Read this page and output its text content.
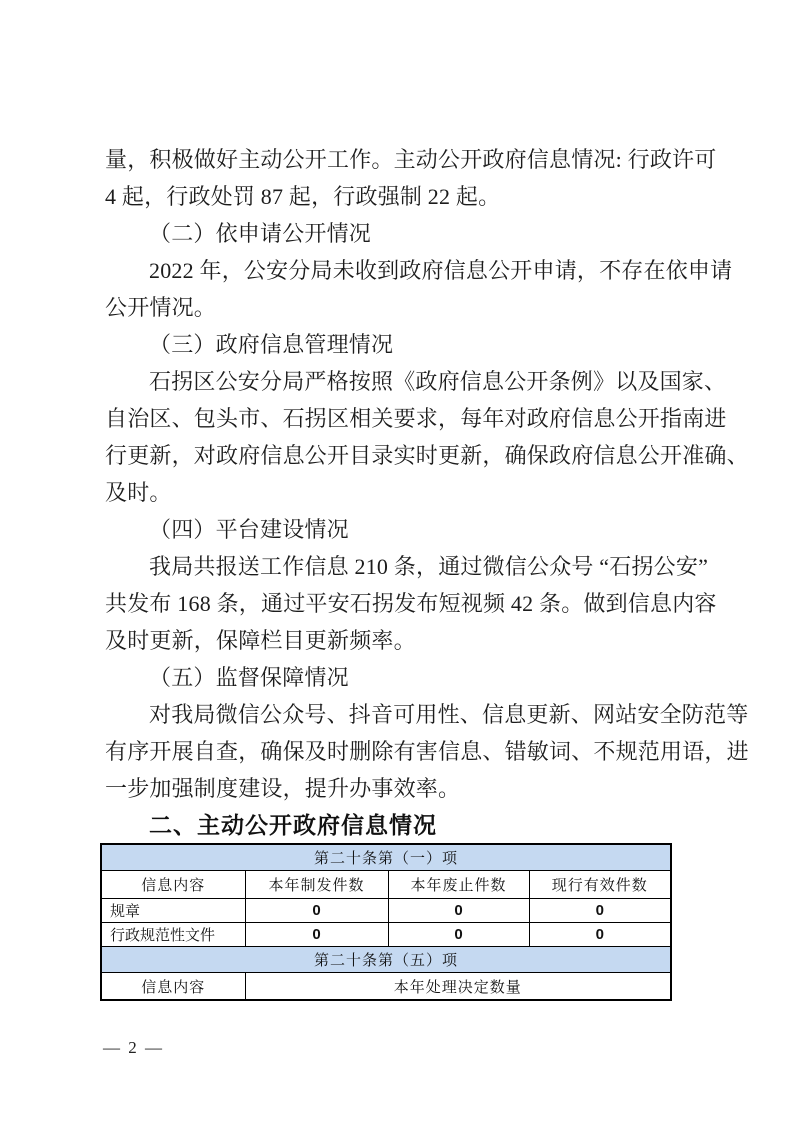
量，积极做好主动公开工作。主动公开政府信息情况: 行政许可
4 起，行政处罚 87 起，行政强制 22 起。
（二）依申请公开情况
2022 年，公安分局未收到政府信息公开申请，不存在依申请
公开情况。
（三）政府信息管理情况
石拐区公安分局严格按照《政府信息公开条例》以及国家、
自治区、包头市、石拐区相关要求，每年对政府信息公开指南进
行更新，对政府信息公开目录实时更新，确保政府信息公开准确、
及时。
（四）平台建设情况
我局共报送工作信息 210 条，通过微信公众号 “石拐公安”
共发布 168 条，通过平安石拐发布短视频 42 条。做到信息内容
及时更新，保障栏目更新频率。
（五）监督保障情况
对我局微信公众号、抖音可用性、信息更新、网站安全防范等
有序开展自查，确保及时删除有害信息、错敏词、不规范用语，进
一步加强制度建设，提升办事效率。
二、主动公开政府信息情况
第二十条第（一）项			
信息内容	本年制发件数	本年废止件数	现行有效件数
规章	0	0	0
行政规范性文件	0	0	0
第二十条第（五）项			
信息内容	本年处理决定数量		
— 2 —
